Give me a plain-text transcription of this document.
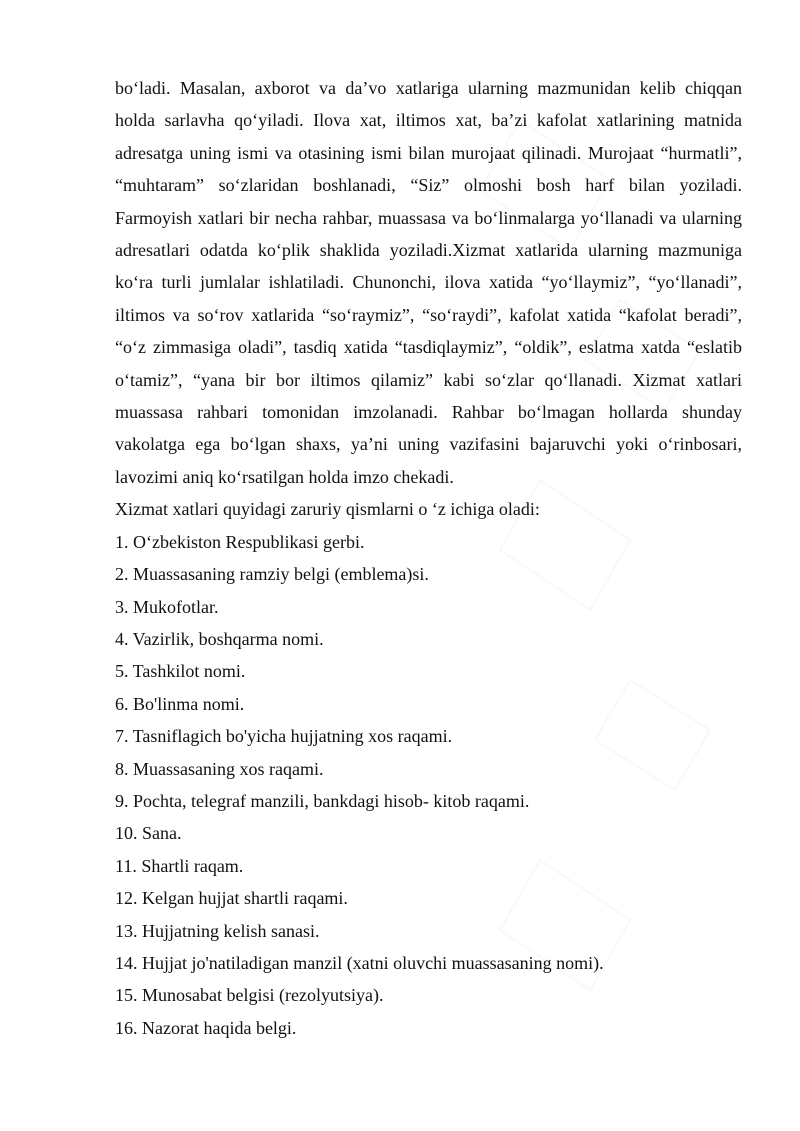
bo‘ladi. Masalan, axborot va da’vo xatlariga ularning mazmunidan kelib chiqqan holda sarlavha qo‘yiladi. Ilova xat, iltimos xat, ba’zi kafolat xatlarining matnida adresatga uning ismi va otasining ismi bilan murojaat qilinadi. Murojaat “hurmatli”, “muhtaram” so‘zlaridan boshlanadi, “Siz” olmoshi bosh harf bilan yoziladi. Farmoyish xatlari bir necha rahbar, muassasa va bo‘linmalarga yo‘llanadi va ularning adresatlari odatda ko‘plik shaklida yoziladi.Xizmat xatlarida ularning mazmuniga ko‘ra turli jumlalar ishlatiladi. Chunonchi, ilova xatida “yo‘llaymiz”, “yo‘llanadi”, iltimos va so‘rov xatlarida “so‘raymiz”, “so‘raydi”, kafolat xatida “kafolat beradi”, “o‘z zimmasiga oladi”, tasdiq xatida “tasdiqlaymiz”, “oldik”, eslatma xatda “eslatib o‘tamiz”, “yana bir bor iltimos qilamiz” kabi so‘zlar qo‘llanadi. Xizmat xatlari muassasa rahbari tomonidan imzolanadi. Rahbar bo‘lmagan hollarda shunday vakolatga ega bo‘lgan shaxs, ya’ni uning vazifasini bajaruvchi yoki o‘rinbosari, lavozimi aniq ko‘rsatilgan holda imzo chekadi.

Xizmat xatlari quyidagi zaruriy qismlarni o ‘z ichiga oladi:

1. O‘zbekiston Respublikasi gerbi.
2. Muassasaning ramziy belgi (emblema)si.
3. Mukofotlar.
4. Vazirlik, boshqarma nomi.
5. Tashkilot nomi.
6. Bo'linma nomi.
7. Tasniflagich bo'yicha hujjatning xos raqami.
8. Muassasaning xos raqami.
9. Pochta, telegraf manzili, bankdagi hisob- kitob raqami.
10. Sana.
11. Shartli raqam.
12. Kelgan hujjat shartli raqami.
13. Hujjatning kelish sanasi.
14. Hujjat jo'natiladigan manzil (xatni oluvchi muassasaning nomi).
15. Munosabat belgisi (rezolyutsiya).
16. Nazorat haqida belgi.
